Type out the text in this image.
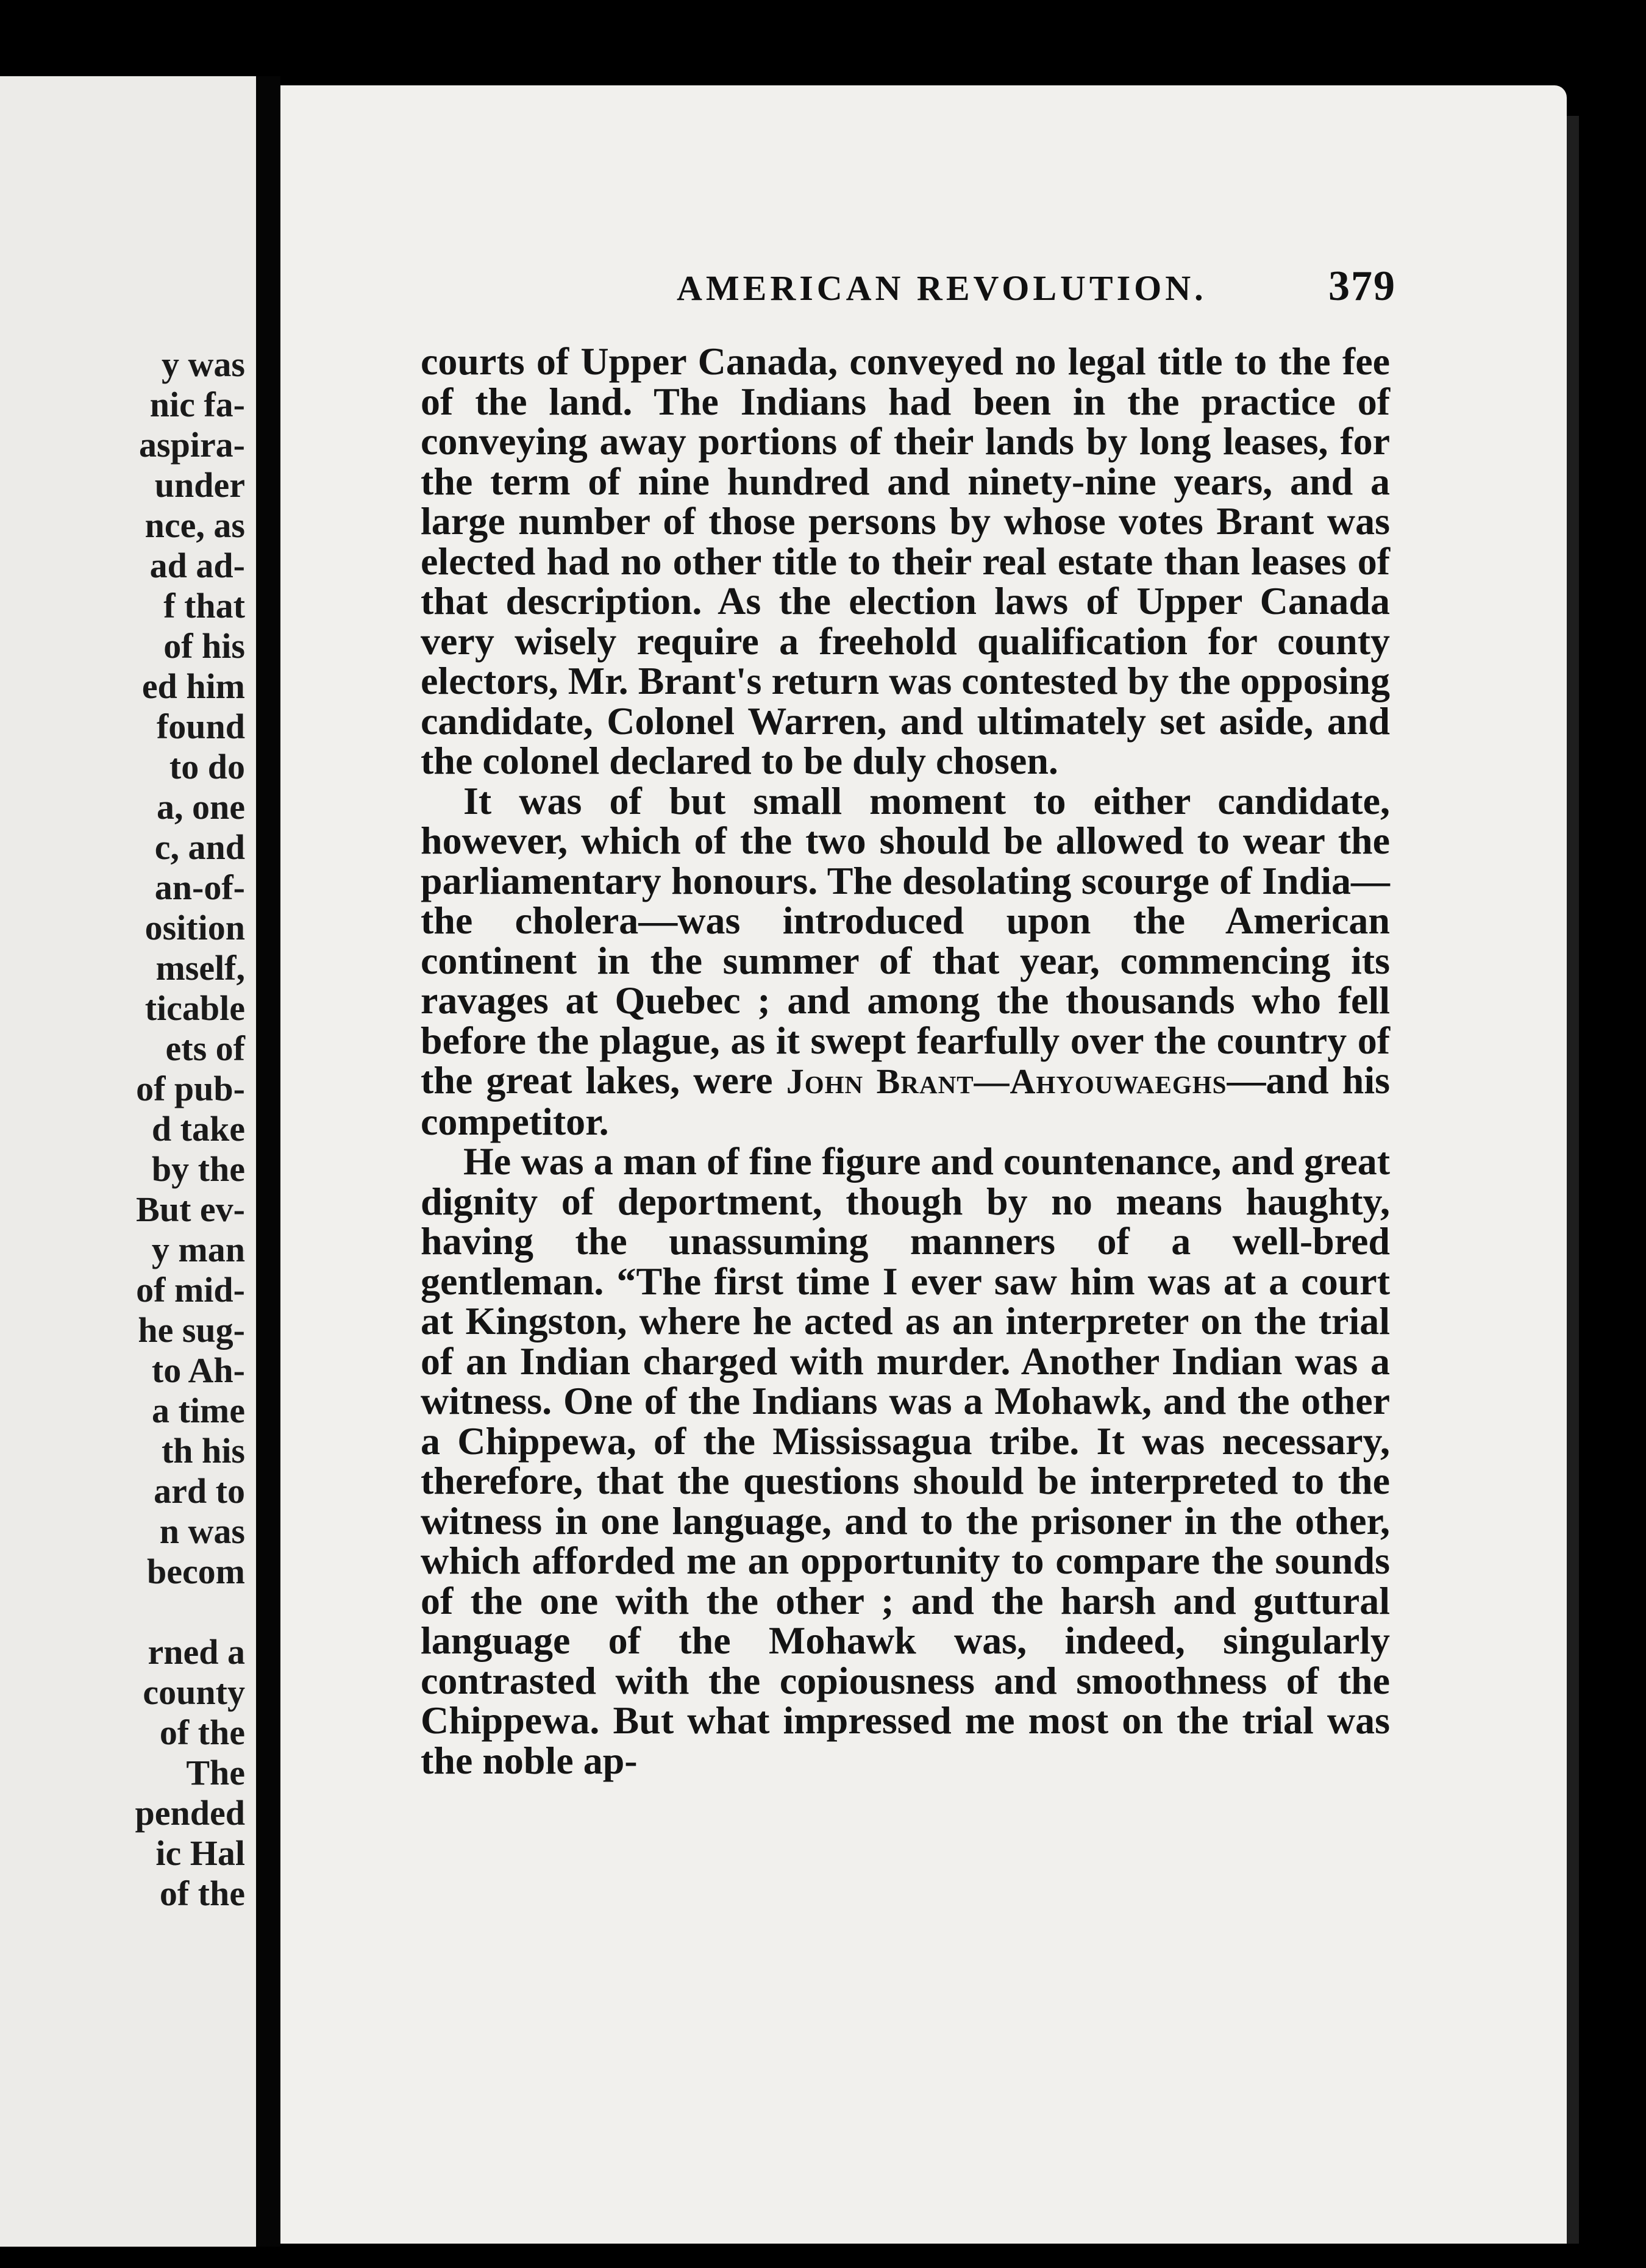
y was
nic fa-
aspira-
under
nce, as
ad ad-
f that
of his
ed him
found
to do
a, one
c, and
an-of-
osition
mself,
ticable
ets of
of pub-
d take
by the
But ev-
y man
of mid-
he sug-
to Ah-
a time
th his
ard to
n was
becom
rned a
county
of the
The
pended
ic Hal
of the
AMERICAN REVOLUTION.	379

courts of Upper Canada, conveyed no legal title to the fee of the land. The Indians had been in the practice of conveying away portions of their lands by long leases, for the term of nine hundred and ninety-nine years, and a large number of those persons by whose votes Brant was elected had no other title to their real estate than leases of that description. As the election laws of Upper Canada very wisely require a freehold qualification for county electors, Mr. Brant's return was contested by the opposing candidate, Colonel Warren, and ultimately set aside, and the colonel declared to be duly chosen.

It was of but small moment to either candidate, however, which of the two should be allowed to wear the parliamentary honours. The desolating scourge of India—the cholera—was introduced upon the American continent in the summer of that year, commencing its ravages at Quebec ; and among the thousands who fell before the plague, as it swept fearfully over the country of the great lakes, were John Brant—Ahyouwaeghs—and his competitor.

He was a man of fine figure and countenance, and great dignity of deportment, though by no means haughty, having the unassuming manners of a well-bred gentleman. “The first time I ever saw him was at a court at Kingston, where he acted as an interpreter on the trial of an Indian charged with murder. Another Indian was a witness. One of the Indians was a Mohawk, and the other a Chippewa, of the Mississagua tribe. It was necessary, therefore, that the questions should be interpreted to the witness in one language, and to the prisoner in the other, which afforded me an opportunity to compare the sounds of the one with the other ; and the harsh and guttural language of the Mohawk was, indeed, singularly contrasted with the copiousness and smoothness of the Chippewa. But what impressed me most on the trial was the noble ap-
